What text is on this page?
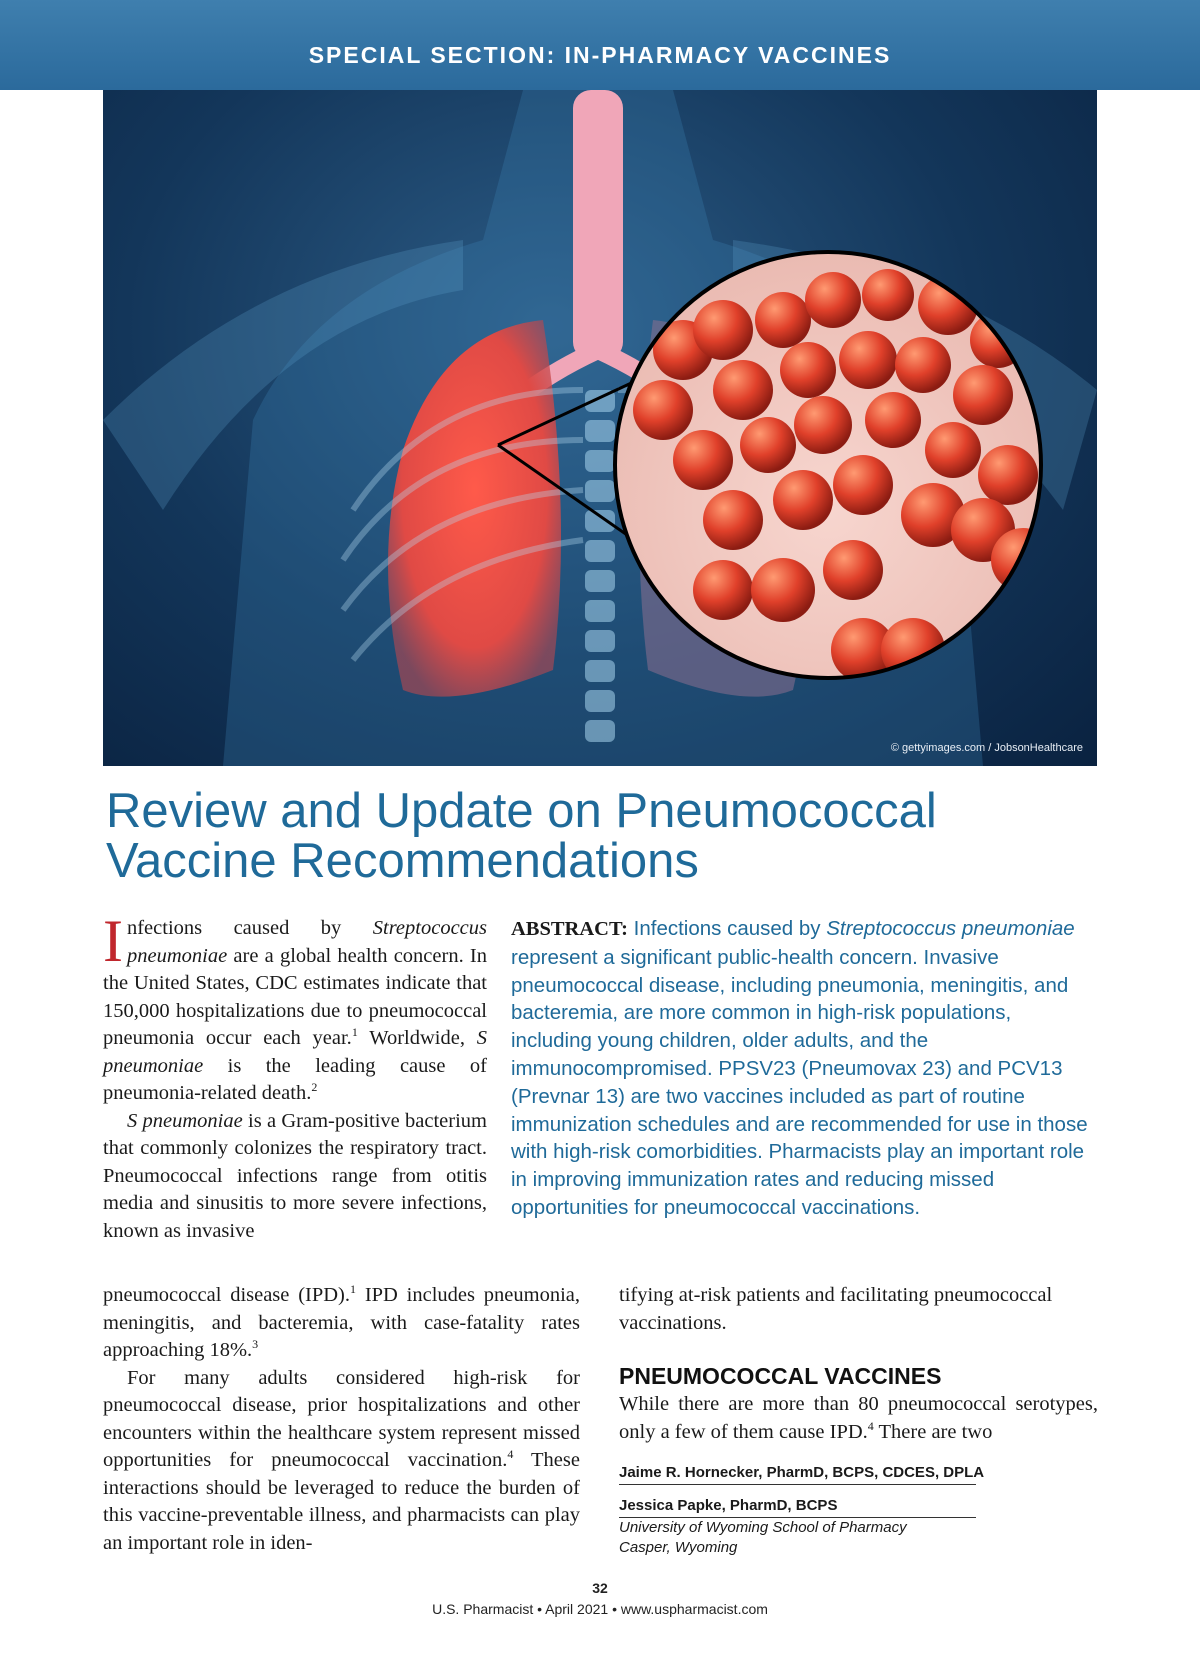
SPECIAL SECTION: IN-PHARMACY VACCINES
© gettyimages.com / JobsonHealthcare
Review and Update on Pneumococcal
Vaccine Recommendations

Infections caused by Streptococcus pneumoniae are a global health concern. In the United States, CDC estimates indicate that 150,000 hospitalizations due to pneumococcal pneumonia occur each year.$^1$ Worldwide, S pneumoniae is the leading cause of pneumonia-related death.$^2$

S pneumoniae is a Gram-positive bacterium that commonly colonizes the respiratory tract. Pneumococcal infections range from otitis media and sinusitis to more severe infections, known as invasive

ABSTRACT: Infections caused by Streptococcus pneumoniae represent a significant public-health concern. Invasive pneumococcal disease, including pneumonia, meningitis, and bacteremia, are more common in high-risk populations, including young children, older adults, and the immunocompromised. PPSV23 (Pneumovax 23) and PCV13 (Prevnar 13) are two vaccines included as part of routine immunization schedules and are recommended for use in those with high-risk comorbidities. Pharmacists play an important role in improving immunization rates and reducing missed opportunities for pneumococcal vaccinations.

pneumococcal disease (IPD).$^1$ IPD includes pneumonia, meningitis, and bacteremia, with case-fatality rates approaching 18%.$^3$

For many adults considered high-risk for pneumococcal disease, prior hospitalizations and other encounters within the healthcare system represent missed opportunities for pneumococcal vaccination.$^4$ These interactions should be leveraged to reduce the burden of this vaccine-preventable illness, and pharmacists can play an important role in iden-

tifying at-risk patients and facilitating pneumococcal vaccinations.

PNEUMOCOCCAL VACCINES

While there are more than 80 pneumococcal serotypes, only a few of them cause IPD.$^4$ There are two

Jaime R. Hornecker, PharmD, BCPS, CDCES, DPLA
Jessica Papke, PharmD, BCPS
University of Wyoming School of Pharmacy
Casper, Wyoming
32
U.S. Pharmacist • April 2021 • www.uspharmacist.com
